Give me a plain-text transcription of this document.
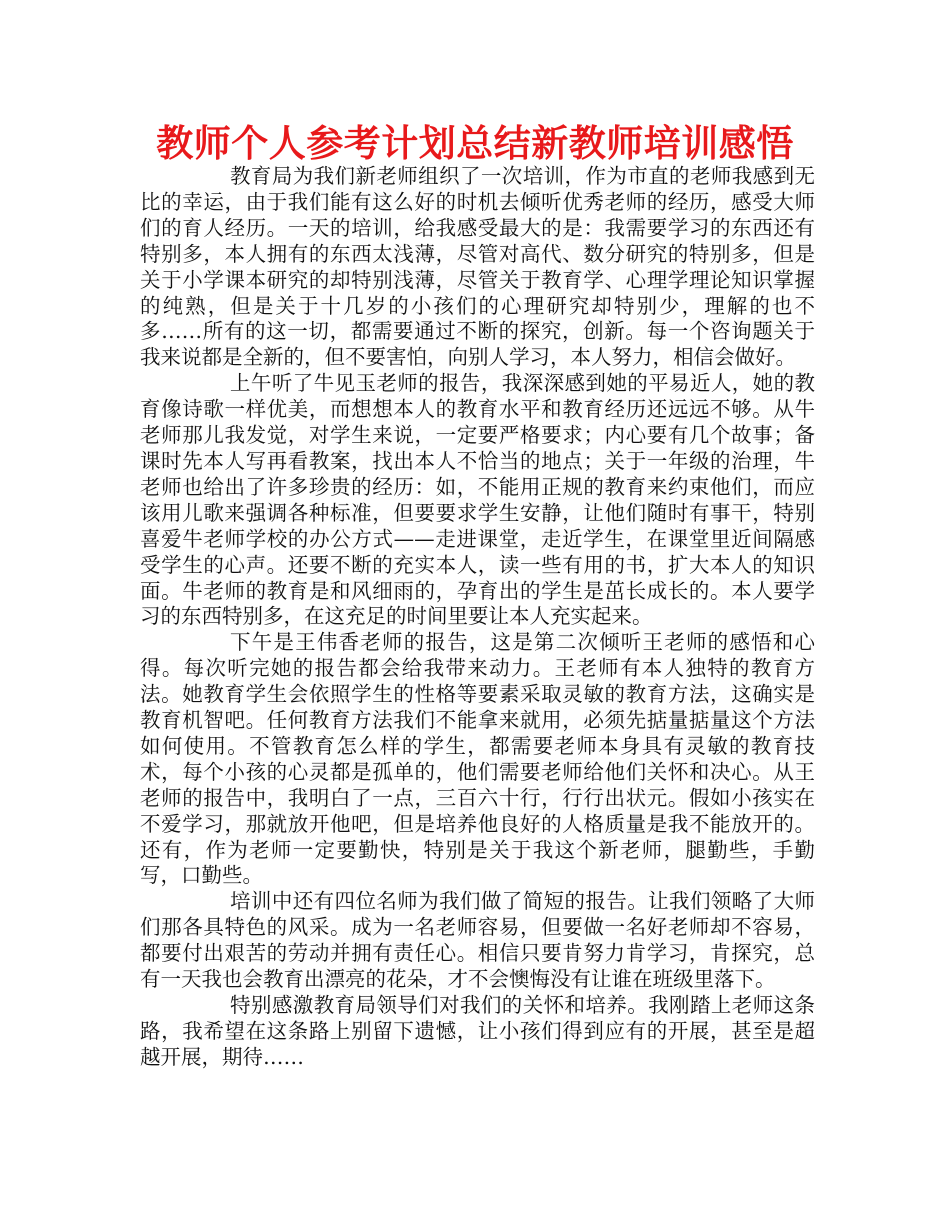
教师个人参考计划总结新教师培训感悟

教育局为我们新老师组织了一次培训，作为市直的老师我感到无比的幸运，由于我们能有这么好的时机去倾听优秀老师的经历，感受大师们的育人经历。一天的培训，给我感受最大的是：我需要学习的东西还有特别多，本人拥有的东西太浅薄，尽管对高代、数分研究的特别多，但是关于小学课本研究的却特别浅薄，尽管关于教育学、心理学理论知识掌握的纯熟，但是关于十几岁的小孩们的心理研究却特别少，理解的也不多……所有的这一切，都需要通过不断的探究，创新。每一个咨询题关于我来说都是全新的，但不要害怕，向别人学习，本人努力，相信会做好。

上午听了牛见玉老师的报告，我深深感到她的平易近人，她的教育像诗歌一样优美，而想想本人的教育水平和教育经历还远远不够。从牛老师那儿我发觉，对学生来说，一定要严格要求；内心要有几个故事；备课时先本人写再看教案，找出本人不恰当的地点；关于一年级的治理，牛老师也给出了许多珍贵的经历：如，不能用正规的教育来约束他们，而应该用儿歌来强调各种标准，但要要求学生安静，让他们随时有事干，特别喜爱牛老师学校的办公方式——走进课堂，走近学生，在课堂里近间隔感受学生的心声。还要不断的充实本人，读一些有用的书，扩大本人的知识面。牛老师的教育是和风细雨的，孕育出的学生是茁长成长的。本人要学习的东西特别多，在这充足的时间里要让本人充实起来。

下午是王伟香老师的报告，这是第二次倾听王老师的感悟和心得。每次听完她的报告都会给我带来动力。王老师有本人独特的教育方法。她教育学生会依照学生的性格等要素采取灵敏的教育方法，这确实是教育机智吧。任何教育方法我们不能拿来就用，必须先掂量掂量这个方法如何使用。不管教育怎么样的学生，都需要老师本身具有灵敏的教育技术，每个小孩的心灵都是孤单的，他们需要老师给他们关怀和决心。从王老师的报告中，我明白了一点，三百六十行，行行出状元。假如小孩实在不爱学习，那就放开他吧，但是培养他良好的人格质量是我不能放开的。还有，作为老师一定要勤快，特别是关于我这个新老师，腿勤些，手勤写，口勤些。

培训中还有四位名师为我们做了简短的报告。让我们领略了大师们那各具特色的风采。成为一名老师容易，但要做一名好老师却不容易，都要付出艰苦的劳动并拥有责任心。相信只要肯努力肯学习，肯探究，总有一天我也会教育出漂亮的花朵，才不会懊悔没有让谁在班级里落下。

特别感激教育局领导们对我们的关怀和培养。我刚踏上老师这条路，我希望在这条路上别留下遗憾，让小孩们得到应有的开展，甚至是超越开展，期待……
